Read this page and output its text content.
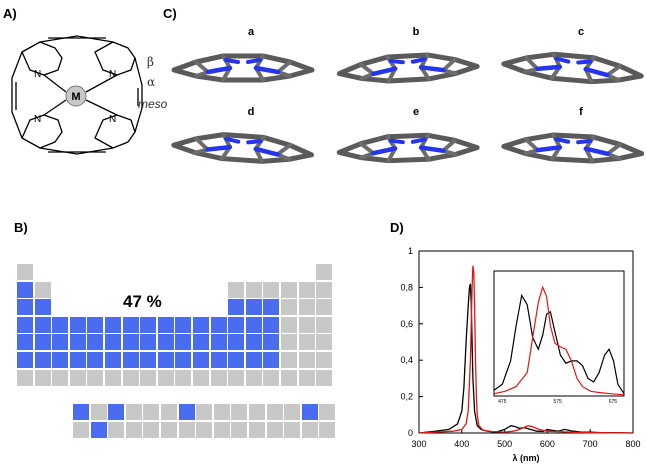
A)	C)
B)	D)
M
N	N
N	N
β
α
meso
a	b	c
d	e	f
47 %
300	400	500	600	700	800
0
0,2
0,4
0,6
0,8
1
λ (nm)
475	575	675
